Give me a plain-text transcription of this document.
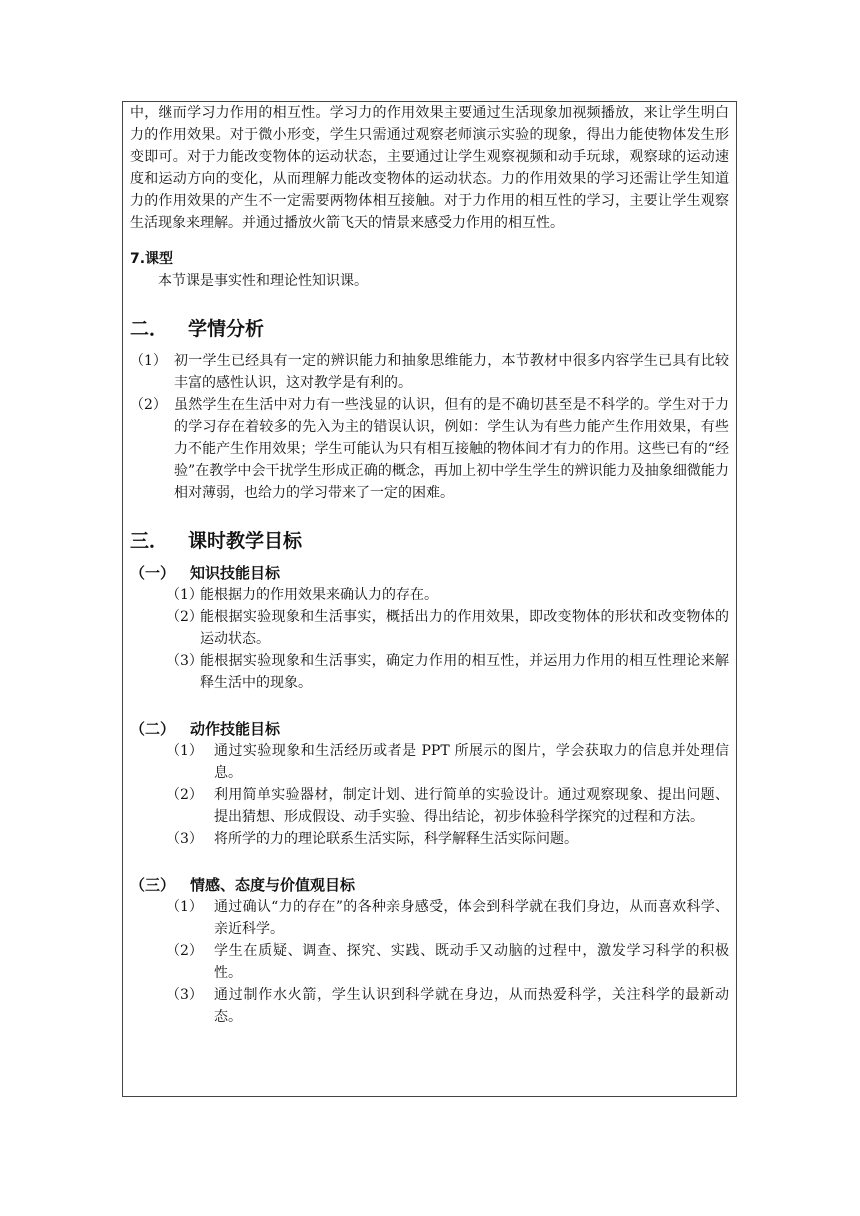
中，继而学习力作用的相互性。学习力的作用效果主要通过生活现象加视频播放，来让学生明白力的作用效果。对于微小形变，学生只需通过观察老师演示实验的现象，得出力能使物体发生形变即可。对于力能改变物体的运动状态，主要通过让学生观察视频和动手玩球，观察球的运动速度和运动方向的变化，从而理解力能改变物体的运动状态。力的作用效果的学习还需让学生知道力的作用效果的产生不一定需要两物体相互接触。对于力作用的相互性的学习，主要让学生观察生活现象来理解。并通过播放火箭飞天的情景来感受力作用的相互性。

7.课型

本节课是事实性和理论性知识课。

二．	学情分析
（1） 初一学生已经具有一定的辨识能力和抽象思维能力，本节教材中很多内容学生已具有比较丰富的感性认识，这对教学是有利的。
（2） 虽然学生在生活中对力有一些浅显的认识，但有的是不确切甚至是不科学的。学生对于力的学习存在着较多的先入为主的错误认识，例如：学生认为有些力能产生作用效果，有些力不能产生作用效果；学生可能认为只有相互接触的物体间才有力的作用。这些已有的“经验”在教学中会干扰学生形成正确的概念，再加上初中学生学生的辨识能力及抽象细微能力相对薄弱，也给力的学习带来了一定的困难。
三．	课时教学目标
（一） 知识技能目标
（1）
能根据力的作用效果来确认力的存在。
（2）
能根据实验现象和生活事实，概括出力的作用效果，即改变物体的形状和改变物体的运动状态。
（3）
能根据实验现象和生活事实，确定力作用的相互性，并运用力作用的相互性理论来解释生活中的现象。
（二） 动作技能目标
（1） 通过实验现象和生活经历或者是 PPT 所展示的图片，学会获取力的信息并处理信息。
（2） 利用简单实验器材，制定计划、进行简单的实验设计。通过观察现象、提出问题、提出猜想、形成假设、动手实验、得出结论，初步体验科学探究的过程和方法。
（3） 将所学的力的理论联系生活实际，科学解释生活实际问题。
（三） 情感、态度与价值观目标
（1） 通过确认“力的存在”的各种亲身感受，体会到科学就在我们身边，从而喜欢科学、亲近科学。
（2） 学生在质疑、调查、探究、实践、既动手又动脑的过程中，激发学习科学的积极性。
（3） 通过制作水火箭，学生认识到科学就在身边，从而热爱科学，关注科学的最新动态。
